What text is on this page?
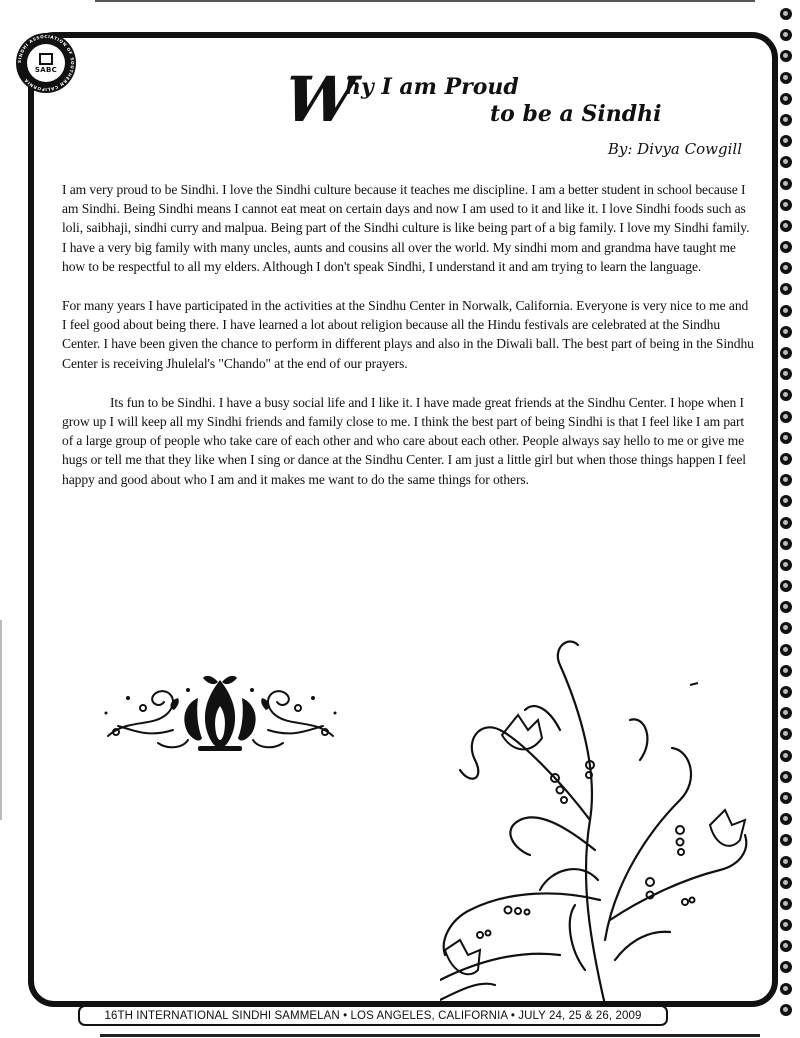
SINDHI ASSOCIATION OF SOUTHERN CALIFORNIA
SABC	W
hy I am Proud
to be a Sindhi
By: Divya Cowgill

I am very proud to be Sindhi. I love the Sindhi culture because it teaches me discipline. I am a better student in school because I am Sindhi. Being Sindhi means I cannot eat meat on certain days and now I am used to it and like it. I love Sindhi foods such as loli, saibhaji, sindhi curry and malpua. Being part of the Sindhi culture is like being part of a big family. I love my Sindhi family. I have a very big family with many uncles, aunts and cousins all over the world. My sindhi mom and grandma have taught me how to be respectful to all my elders. Although I don't speak Sindhi, I understand it and am trying to learn the language.

For many years I have participated in the activities at the Sindhu Center in Norwalk, California. Everyone is very nice to me and I feel good about being there. I have learned a lot about religion because all the Hindu festivals are celebrated at the Sindhu Center. I have been given the chance to perform in different plays and also in the Diwali ball. The best part of being in the Sindhu Center is receiving Jhulelal's "Chando" at the end of our prayers.

Its fun to be Sindhi. I have a busy social life and I like it. I have made great friends at the Sindhu Center. I hope when I grow up I will keep all my Sindhi friends and family close to me. I think the best part of being Sindhi is that I feel like I am part of a large group of people who take care of each other and who care about each other. People always say hello to me or give me hugs or tell me that they like when I sing or dance at the Sindhu Center. I am just a little girl but when those things happen I feel happy and good about who I am and it makes me want to do the same things for others.

16TH INTERNATIONAL SINDHI SAMMELAN • LOS ANGELES, CALIFORNIA • JULY 24, 25 & 26, 2009
